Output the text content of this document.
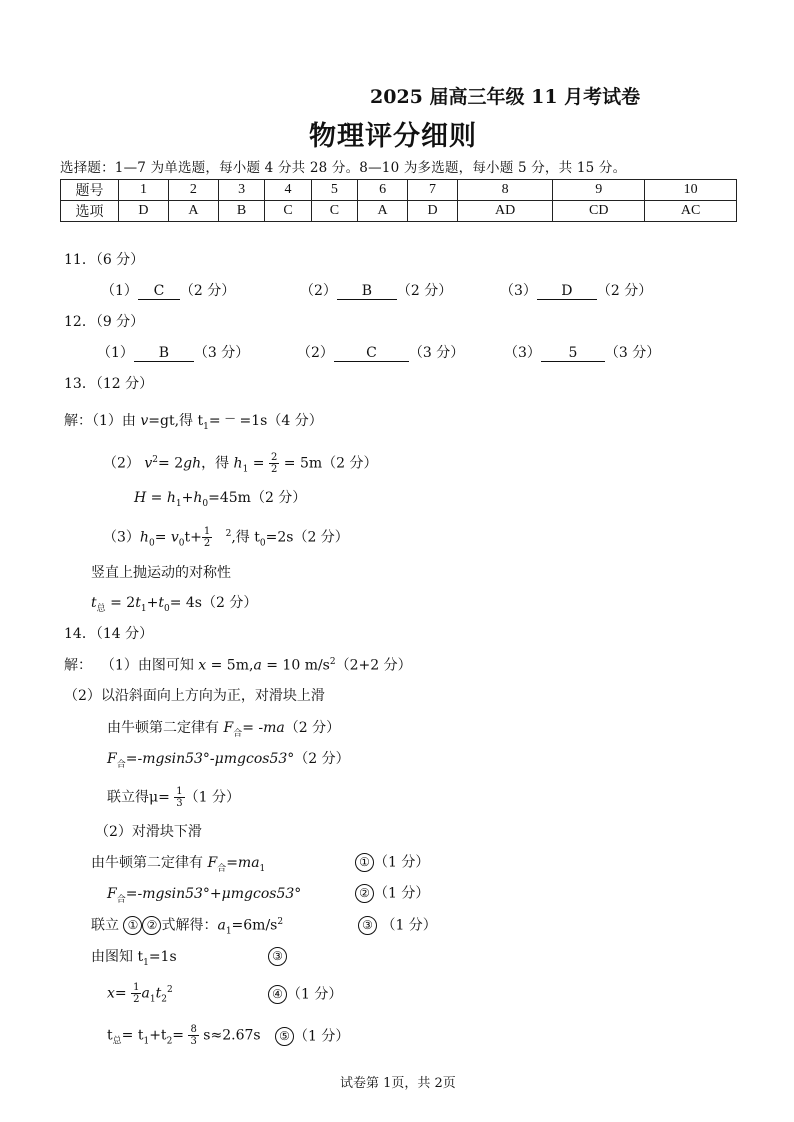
2025 届高三年级 11 月考试卷
物理评分细则
选择题：1—7 为单选题，每小题 4 分共 28 分。8—10 为多选题，每小题 5 分，共 15 分。
题号	1	2	3	4	5	6	7	8	9	10
选项	D	A	B	C	C	A	D	AD	CD	AC
11．（6 分）
（1） C （2 分）	（2） B （2 分）	（3） D （2 分）
12．（9 分）
（1） B （3 分）	（2） C （3 分）	（3） 5 （3 分）
13．（12 分）
解：（1）由 v=gt,得 $t_1= ^— =1s(4$ 分）
（2） $v^2= 2gh$，得 $h_1 = \frac{2}{2} = 5m(2$ 分）
$H = h_1+h_0=45m(2$ 分）
$(3)h_0= v_0t+ \frac{1}{2} ^2$,得 $t_0=2s(2$ 分）
竖直上抛运动的对称性
$t_总 = 2t_1+t_0= 4s(2$ 分）
14．（14 分）
解： （1）由图可知 x = 5m,a = 10 $m/s^2(2+2$ 分）
（2）以沿斜面向上方向为正，对滑块上滑
由牛顿第二定律有 $F_合= -ma(2$ 分）
$F_合=-mgsin53^\circ-\mu mgcos53^\circ(2$ 分）
联立得$\mu= \frac{1}{3} (1$ 分）
（2）对滑块下滑
由牛顿第二定律有 $F_合=ma_1$	① （1 分）
$F_合=-mgsin53^\circ+\mu mgcos53^\circ$	② （1 分）
联立 ① ② 式解得：$a_1=6m/s^2$	③ （1 分）
由图知 $t_1=1s$	③
$x= \frac{1}{2} a_1t_2^2$	④ （1 分）
$t_总= t_1+t_2= \frac{8}{3} s\approx 2.67s$	⑤ （1 分）
试卷第 1页，共 2页
